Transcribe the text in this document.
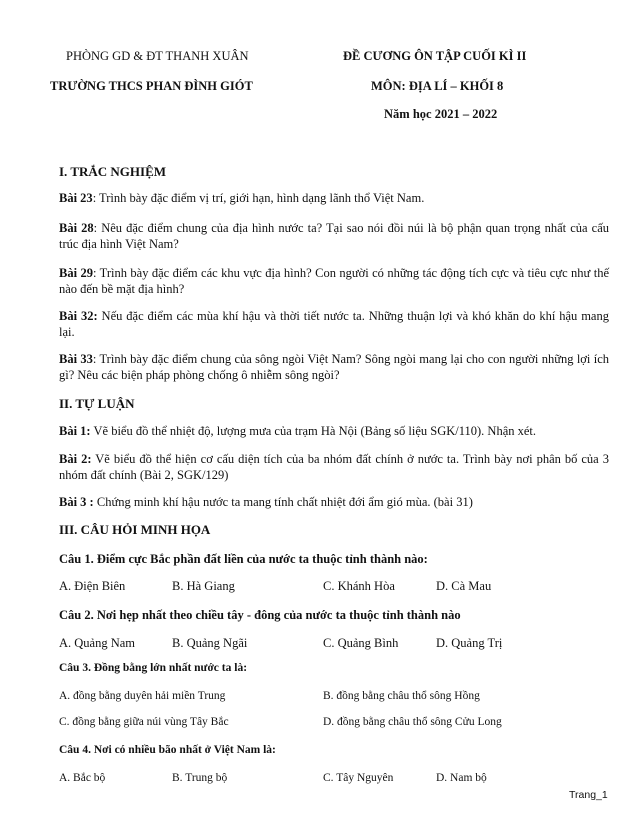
PHÒNG GD & ĐT THANH XUÂN
TRƯỜNG THCS PHAN ĐÌNH GIÓT
ĐỀ CƯƠNG ÔN TẬP CUỐI KÌ II
MÔN: ĐỊA LÍ – KHỐI 8
Năm học 2021 – 2022
I. TRẮC NGHIỆM
Bài 23: Trình bày đặc điểm vị trí, giới hạn, hình dạng lãnh thổ Việt Nam.
Bài 28: Nêu đặc điểm chung của địa hình nước ta? Tại sao nói đồi núi là bộ phận quan trọng nhất của cấu trúc địa hình Việt Nam?
Bài 29: Trình bày đặc điểm các khu vực địa hình? Con người có những tác động tích cực và tiêu cực như thế nào đến bề mặt địa hình?
Bài 32: Nếu đặc điểm các mùa khí hậu và thời tiết nước ta. Những thuận lợi và khó khăn do khí hậu mang lại.
Bài 33: Trình bày đặc điểm chung của sông ngòi Việt Nam? Sông ngòi mang lại cho con người những lợi ích gì? Nêu các biện pháp phòng chống ô nhiễm sông ngòi?
II. TỰ LUẬN
Bài 1: Vẽ biểu đồ thể nhiệt độ, lượng mưa của trạm Hà Nội (Bảng số liệu SGK/110). Nhận xét.
Bài 2: Vẽ biểu đồ thể hiện cơ cấu diện tích của ba nhóm đất chính ở nước ta. Trình bày nơi phân bố của 3 nhóm đất chính (Bài 2, SGK/129)
Bài 3 : Chứng minh khí hậu nước ta mang tính chất nhiệt đới ẩm gió mùa. (bài 31)
III. CÂU HỎI MINH HỌA
Câu 1. Điểm cực Bắc phần đất liền của nước ta thuộc tỉnh thành nào:
A. Điện Biên	B. Hà Giang	C. Khánh Hòa	D. Cà Mau
Câu 2. Nơi hẹp nhất theo chiều tây - đông của nước ta thuộc tỉnh thành nào
A. Quảng Nam	B. Quảng Ngãi	C. Quảng Bình	D. Quảng Trị
Câu 3. Đồng bằng lớn nhất nước ta là:
A. đồng bằng duyên hải miền Trung	B. đồng bằng châu thổ sông Hồng
C. đồng bằng giữa núi vùng Tây Bắc	D. đồng bằng châu thổ sông Cửu Long
Câu 4. Nơi có nhiều bão nhất ở Việt Nam là:
A. Bắc bộ	B. Trung bộ	C. Tây Nguyên	D. Nam bộ
Trang_1
